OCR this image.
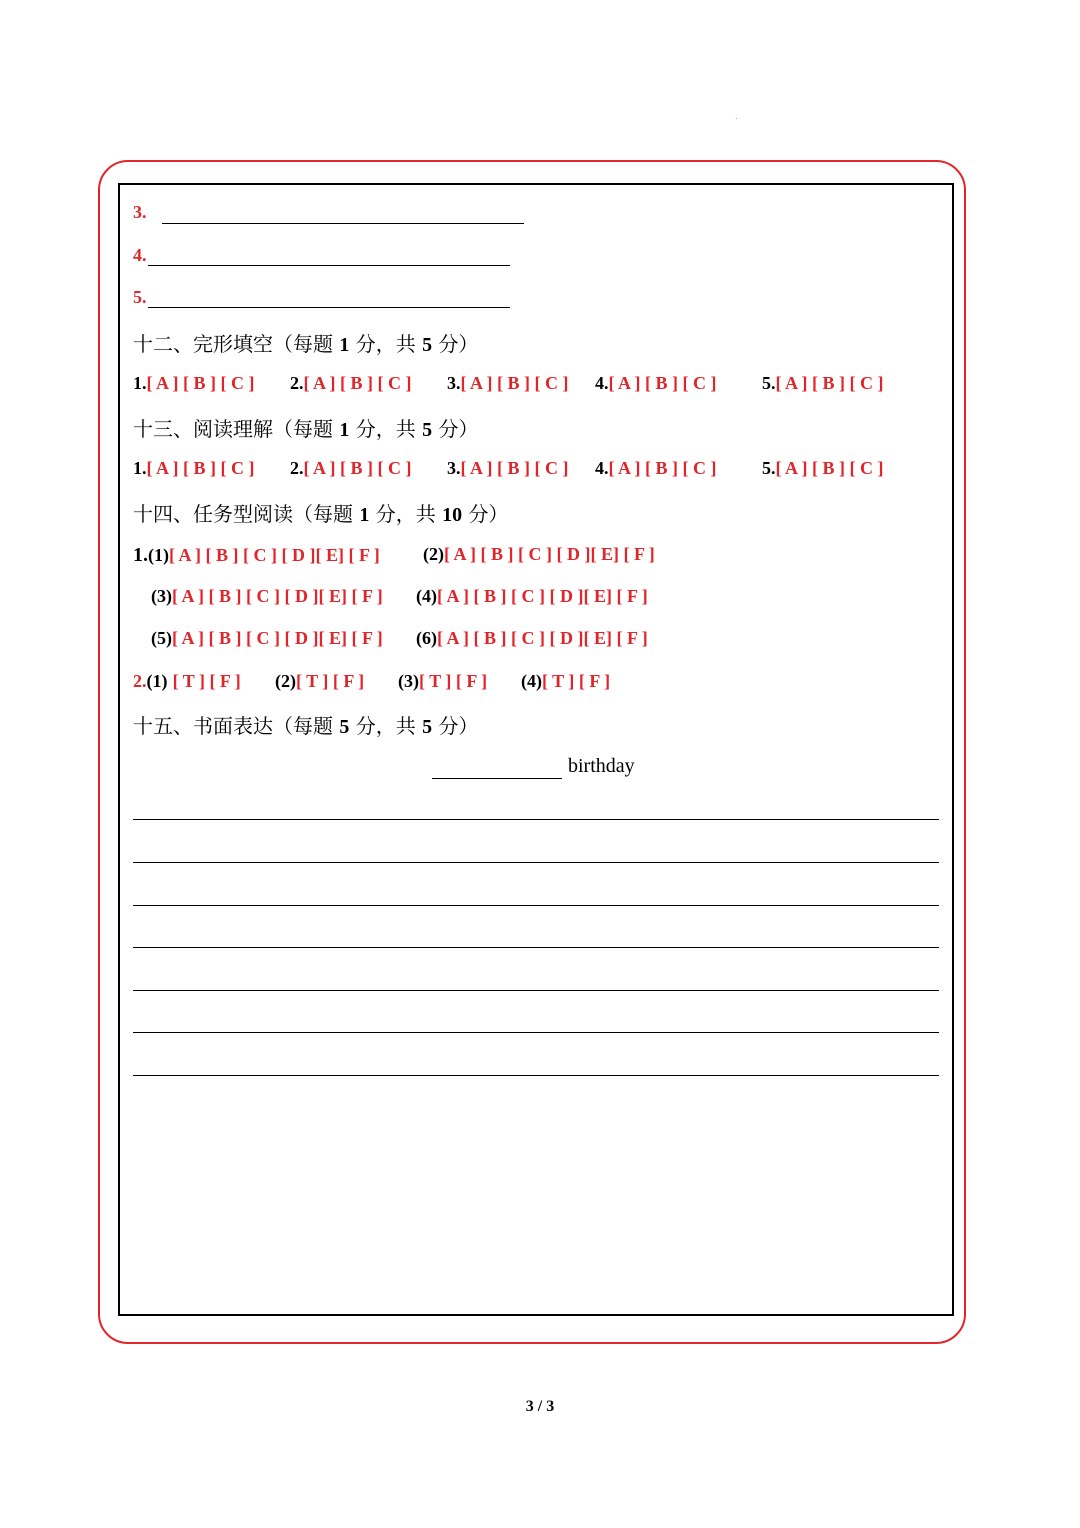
.
3.
4.
5.
十二、完形填空（每题 1 分，共 5 分）
1.[ A ] [ B ] [ C ] 2.[ A ] [ B ] [ C ] 3.[ A ] [ B ] [ C ] 4.[ A ] [ B ] [ C ]	5.[ A ] [ B ] [ C ]
十三、阅读理解（每题 1 分，共 5 分）
1.[ A ] [ B ] [ C ] 2.[ A ] [ B ] [ C ] 3.[ A ] [ B ] [ C ] 4.[ A ] [ B ] [ C ]	5.[ A ] [ B ] [ C ]
十四、任务型阅读（每题 1 分，共 10 分）
1.(1)[ A ] [ B ] [ C ] [ D ][ E] [ F ] (2)[ A ] [ B ] [ C ] [ D ][ E] [ F ]
(3)[ A ] [ B ] [ C ] [ D ][ E] [ F ] (4)[ A ] [ B ] [ C ] [ D ][ E] [ F ]
(5)[ A ] [ B ] [ C ] [ D ][ E] [ F ] (6)[ A ] [ B ] [ C ] [ D ][ E] [ F ]
2.(1) [ T ] [ F ] (2)[ T ] [ F ] (3)[ T ] [ F ] (4)[ T ] [ F ]
十五、书面表达（每题 5 分，共 5 分）
birthday
3 / 3
